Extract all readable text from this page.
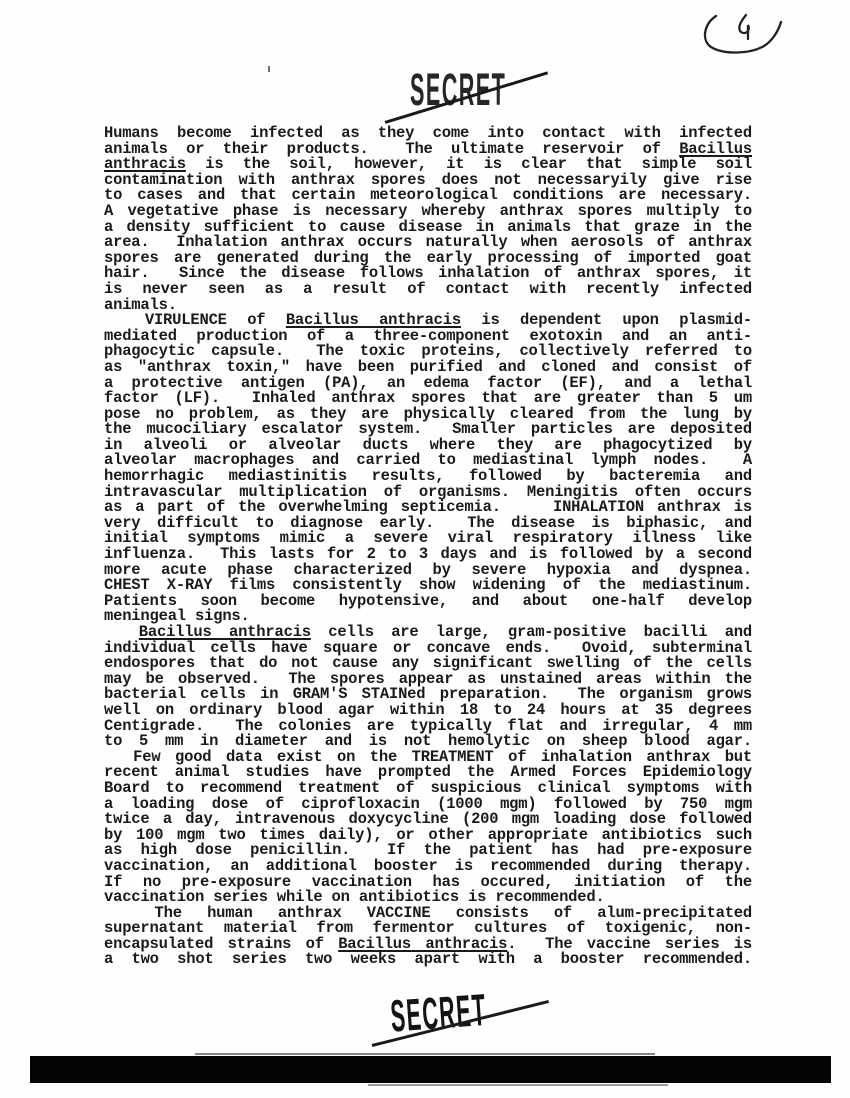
SECRET
Humans become infected as they come into contact with infected
animals or their products.  The ultimate reservoir of Bacillus
anthracis is the soil, however, it is clear that simple soil
contamination with anthrax spores does not necessaryily give rise
to cases and that certain meteorological conditions are necessary.
A vegetative phase is necessary whereby anthrax spores multiply to
a density sufficient to cause disease in animals that graze in the
area.  Inhalation anthrax occurs naturally when aerosols of anthrax
spores are generated during the early processing of imported goat
hair.  Since the disease follows inhalation of anthrax spores, it
is never seen as a result of contact with recently infected
animals.
VIRULENCE of Bacillus anthracis is dependent upon plasmid-
mediated production of a three-component exotoxin and an anti-
phagocytic capsule.  The toxic proteins, collectively referred to
as "anthrax toxin," have been purified and cloned and consist of
a protective antigen (PA), an edema factor (EF), and a lethal
factor (LF).  Inhaled anthrax spores that are greater than 5 um
pose no problem, as they are physically cleared from the lung by
the mucociliary escalator system.  Smaller particles are deposited
in alveoli or alveolar ducts where they are phagocytized by
alveolar macrophages and carried to mediastinal lymph nodes.  A
hemorrhagic mediastinitis results, followed by bacteremia and
intravascular multiplication of organisms. Meningitis often occurs
as a part of the overwhelming septicemia.    INHALATION anthrax is
very difficult to diagnose early.  The disease is biphasic, and
initial symptoms mimic a severe viral respiratory illness like
influenza.  This lasts for 2 to 3 days and is followed by a second
more acute phase characterized by severe hypoxia and dyspnea.
CHEST X-RAY films consistently show widening of the mediastinum.
Patients soon become hypotensive, and about one-half develop
meningeal signs.
Bacillus anthracis cells are large, gram-positive bacilli and
individual cells have square or concave ends.  Ovoid, subterminal
endospores that do not cause any significant swelling of the cells
may be observed.  The spores appear as unstained areas within the
bacterial cells in GRAM'S STAINed preparation.  The organism grows
well on ordinary blood agar within 18 to 24 hours at 35 degrees
Centigrade.  The colonies are typically flat and irregular, 4 mm
to 5 mm in diameter and is not hemolytic on sheep blood agar.
Few good data exist on the TREATMENT of inhalation anthrax but
recent animal studies have prompted the Armed Forces Epidemiology
Board to recommend treatment of suspicious clinical symptoms with
a loading dose of ciprofloxacin (1000 mgm) followed by 750 mgm
twice a day, intravenous doxycycline (200 mgm loading dose followed
by 100 mgm two times daily), or other appropriate antibiotics such
as high dose penicillin.  If the patient has had pre-exposure
vaccination, an additional booster is recommended during therapy.
If no pre-exposure vaccination has occured, initiation of the
vaccination series while on antibiotics is recommended.
The human anthrax VACCINE consists of alum-precipitated
supernatant material from fermentor cultures of toxigenic, non-
encapsulated strains of Bacillus anthracis.  The vaccine series is
a two shot series two weeks apart with a booster recommended.
SECRET
